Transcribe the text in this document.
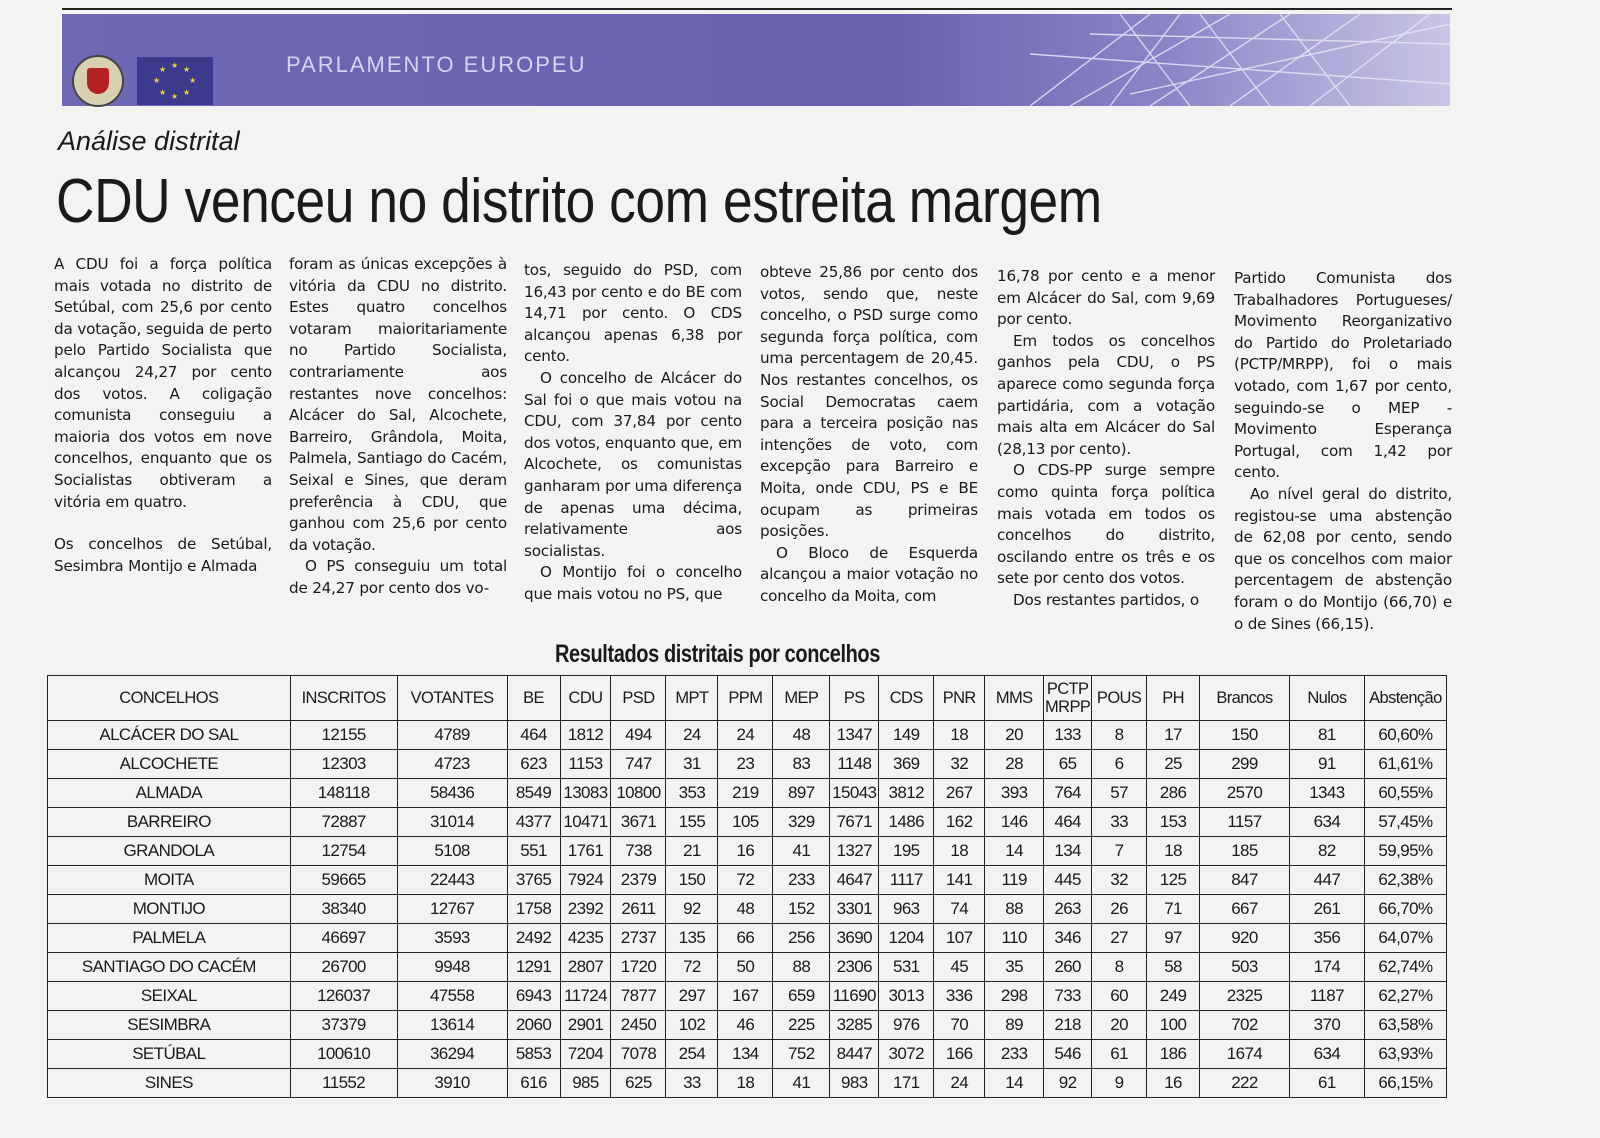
★ ★
★
★
★
★
★
★	PARLAMENTO EUROPEU
Análise distrital
CDU venceu no distrito com estreita margem

A CDU foi a força política mais votada no distrito de Setúbal, com 25,6 por cento da votação, seguida de perto pelo Partido Socialista que alcançou 24,27 por cento dos votos. A coligação comunista conseguiu a maioria dos votos em nove concelhos, enquanto que os Socialistas obtiveram a vitória em quatro.

Os concelhos de Setúbal, Sesimbra Montijo e Almada

foram as únicas excepções à vitória da CDU no distrito. Estes quatro concelhos votaram maioritariamente no Partido Socialista, contrariamente aos restantes nove concelhos: Alcácer do Sal, Alcochete, Barreiro, Grândola, Moita, Palmela, Santiago do Cacém, Seixal e Sines, que deram preferência à CDU, que ganhou com 25,6 por cento da votação.

O PS conseguiu um total de 24,27 por cento dos vo-

tos, seguido do PSD, com 16,43 por cento e do BE com 14,71 por cento. O CDS alcançou apenas 6,38 por cento.

O concelho de Alcácer do Sal foi o que mais votou na CDU, com 37,84 por cento dos votos, enquanto que, em Alcochete, os comunistas ganharam por uma diferença de apenas uma décima, relativamente aos socialistas.

O Montijo foi o concelho que mais votou no PS, que

obteve 25,86 por cento dos votos, sendo que, neste concelho, o PSD surge como segunda força política, com uma percentagem de 20,45. Nos restantes concelhos, os Social Democratas caem para a terceira posição nas intenções de voto, com excepção para Barreiro e Moita, onde CDU, PS e BE ocupam as primeiras posições.

O Bloco de Esquerda alcançou a maior votação no concelho da Moita, com

16,78 por cento e a menor em Alcácer do Sal, com 9,69 por cento.

Em todos os concelhos ganhos pela CDU, o PS aparece como segunda força partidária, com a votação mais alta em Alcácer do Sal (28,13 por cento).

O CDS-PP surge sempre como quinta força política mais votada em todos os concelhos do distrito, oscilando entre os três e os sete por cento dos votos.

Dos restantes partidos, o

Partido Comunista dos Trabalhadores Portugueses/ Movimento Reorganizativo do Partido do Proletariado (PCTP/MRPP), foi o mais votado, com 1,67 por cento, seguindo-se o MEP - Movimento Esperança Portugal, com 1,42 por cento.

Ao nível geral do distrito, registou-se uma abstenção de 62,08 por cento, sendo que os concelhos com maior percentagem de abstenção foram o do Montijo (66,70) e o de Sines (66,15).

Resultados distritais por concelhos
CONCELHOS	INSCRITOS	VOTANTES	BE	CDU	PSD	MPT	PPM	MEP	PS	CDS	PNR	MMS	PCTP
MRPP	POUS	PH	Brancos	Nulos	Abstenção
ALCÁCER DO SAL	12155	4789	464	1812	494	24	24	48	1347	149	18	20	133	8	17	150	81	60,60%
ALCOCHETE	12303	4723	623	1153	747	31	23	83	1148	369	32	28	65	6	25	299	91	61,61%
ALMADA	148118	58436	8549	13083	10800	353	219	897	15043	3812	267	393	764	57	286	2570	1343	60,55%
BARREIRO	72887	31014	4377	10471	3671	155	105	329	7671	1486	162	146	464	33	153	1157	634	57,45%
GRANDOLA	12754	5108	551	1761	738	21	16	41	1327	195	18	14	134	7	18	185	82	59,95%
MOITA	59665	22443	3765	7924	2379	150	72	233	4647	1117	141	119	445	32	125	847	447	62,38%
MONTIJO	38340	12767	1758	2392	2611	92	48	152	3301	963	74	88	263	26	71	667	261	66,70%
PALMELA	46697	3593	2492	4235	2737	135	66	256	3690	1204	107	110	346	27	97	920	356	64,07%
SANTIAGO DO CACÉM	26700	9948	1291	2807	1720	72	50	88	2306	531	45	35	260	8	58	503	174	62,74%
SEIXAL	126037	47558	6943	11724	7877	297	167	659	11690	3013	336	298	733	60	249	2325	1187	62,27%
SESIMBRA	37379	13614	2060	2901	2450	102	46	225	3285	976	70	89	218	20	100	702	370	63,58%
SETÚBAL	100610	36294	5853	7204	7078	254	134	752	8447	3072	166	233	546	61	186	1674	634	63,93%
SINES	11552	3910	616	985	625	33	18	41	983	171	24	14	92	9	16	222	61	66,15%
